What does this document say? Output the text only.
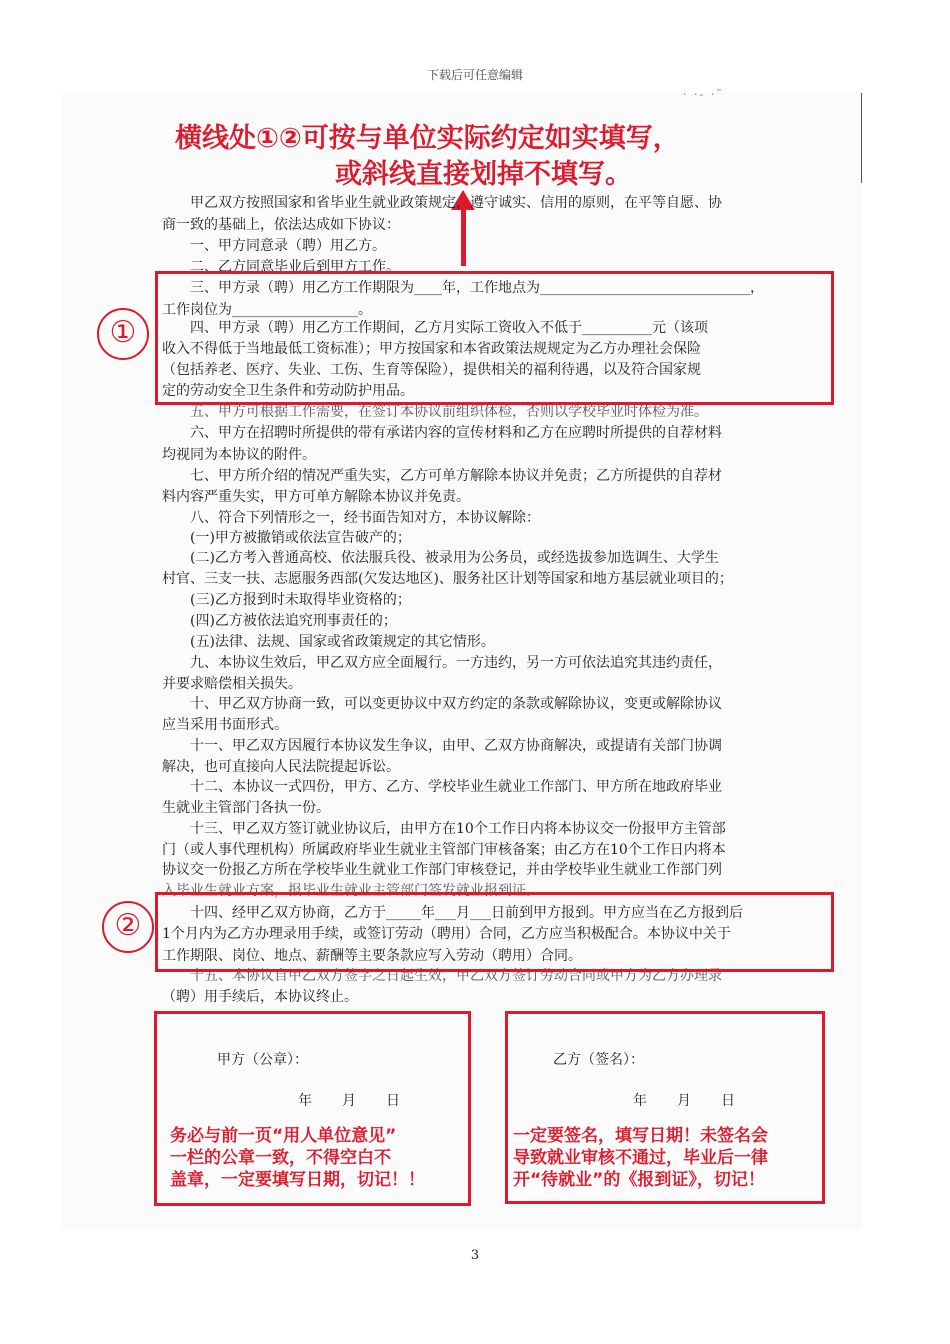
下载后可任意编辑
· ·- ·˜
横线处①②可按与单位实际约定如实填写，
或斜线直接划掉不填写。
甲乙双方按照国家和省毕业生就业政策规定，遵守诚实、信用的原则，在平等自愿、协
商一致的基础上，依法达成如下协议：
一、甲方同意录（聘）用乙方。
二、乙方同意毕业后到甲方工作。
三、甲方录（聘）用乙方工作期限为____年，工作地点为______________________________，
工作岗位为__________________。
四、甲方录（聘）用乙方工作期间，乙方月实际工资收入不低于__________元（该项
收入不得低于当地最低工资标准）；甲方按国家和本省政策法规规定为乙方办理社会保险
（包括养老、医疗、失业、工伤、生育等保险），提供相关的福利待遇，以及符合国家规
定的劳动安全卫生条件和劳动防护用品。
五、甲方可根据工作需要，在签订本协议前组织体检，否则以学校毕业时体检为准。
六、甲方在招聘时所提供的带有承诺内容的宣传材料和乙方在应聘时所提供的自荐材料
均视同为本协议的附件。
七、甲方所介绍的情况严重失实，乙方可单方解除本协议并免责；乙方所提供的自荐材
料内容严重失实，甲方可单方解除本协议并免责。
八、符合下列情形之一，经书面告知对方，本协议解除：
(一)甲方被撤销或依法宣告破产的；
(二)乙方考入普通高校、依法服兵役、被录用为公务员，或经选拔参加选调生、大学生
村官、三支一扶、志愿服务西部(欠发达地区)、服务社区计划等国家和地方基层就业项目的；
(三)乙方报到时未取得毕业资格的；
(四)乙方被依法追究刑事责任的；
(五)法律、法规、国家或省政策规定的其它情形。
九、本协议生效后，甲乙双方应全面履行。一方违约，另一方可依法追究其违约责任，
并要求赔偿相关损失。
十、甲乙双方协商一致，可以变更协议中双方约定的条款或解除协议，变更或解除协议
应当采用书面形式。
十一、甲乙双方因履行本协议发生争议，由甲、乙双方协商解决，或提请有关部门协调
解决，也可直接向人民法院提起诉讼。
十二、本协议一式四份，甲方、乙方、学校毕业生就业工作部门、甲方所在地政府毕业
生就业主管部门各执一份。
十三、甲乙双方签订就业协议后，由甲方在10个工作日内将本协议交一份报甲方主管部
门（或人事代理机构）所属政府毕业生就业主管部门审核备案；由乙方在10个工作日内将本
协议交一份报乙方所在学校毕业生就业工作部门审核登记，并由学校毕业生就业工作部门列
入毕业生就业方案，报毕业生就业主管部门签发就业报到证。
十四、经甲乙双方协商，乙方于_____年___月___日前到甲方报到。甲方应当在乙方报到后
1个月内为乙方办理录用手续，或签订劳动（聘用）合同，乙方应当积极配合。本协议中关于
工作期限、岗位、地点、薪酬等主要条款应写入劳动（聘用）合同。
十五、本协议自甲乙双方签字之日起生效，甲乙双方签订劳动合同或甲方为乙方办理录
（聘）用手续后，本协议终止。
①
②
甲方（公章）：
年月日
务必与前一页“用人单位意见”
一栏的公章一致，不得空白不
盖章，一定要填写日期，切记！！
乙方（签名）：
年月日
一定要签名，填写日期！未签名会
导致就业审核不通过，毕业后一律
开“待就业”的《报到证》，切记！
3
